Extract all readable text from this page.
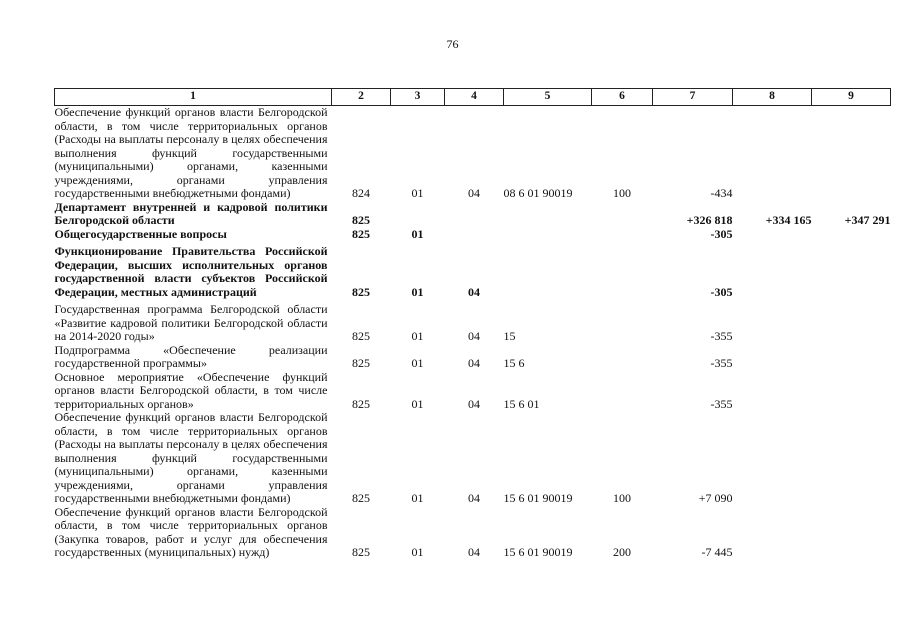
76
1	2	3	4	5	6	7	8	9
Обеспечение функций органов власти Белгородской области, в том числе территориальных органов (Расходы на выплаты персоналу в целях обеспечения выполнения функций государственными (муниципальными) органами, казенными учреждениями, органами управления государственными внебюджетными фондами)	824	01	04	08 6 01 90019	100	-434		
Департамент внутренней и кадровой политики Белгородской области	825					+326 818	+334 165	+347 291
Общегосударственные вопросы	825	01				-305		

Функционирование Правительства Российской Федерации, высших исполнительных органов государственной власти субъектов Российской Федерации, местных администраций	825	01	04			-305		

Государственная программа Белгородской области «Развитие кадровой политики Белгородской области на 2014-2020 годы»	825	01	04	15		-355		
Подпрограмма «Обеспечение реализации государственной программы»	825	01	04	15 6		-355		
Основное мероприятие «Обеспечение функций органов власти Белгородской области, в том числе территориальных органов»	825	01	04	15 6 01		-355		
Обеспечение функций органов власти Белгородской области, в том числе территориальных органов (Расходы на выплаты персоналу в целях обеспечения выполнения функций государственными (муниципальными) органами, казенными учреждениями, органами управления государственными внебюджетными фондами)	825	01	04	15 6 01 90019	100	+7 090		
Обеспечение функций органов власти Белгородской области, в том числе территориальных органов (Закупка товаров, работ и услуг для обеспечения государственных (муниципальных) нужд)	825	01	04	15 6 01 90019	200	-7 445		
